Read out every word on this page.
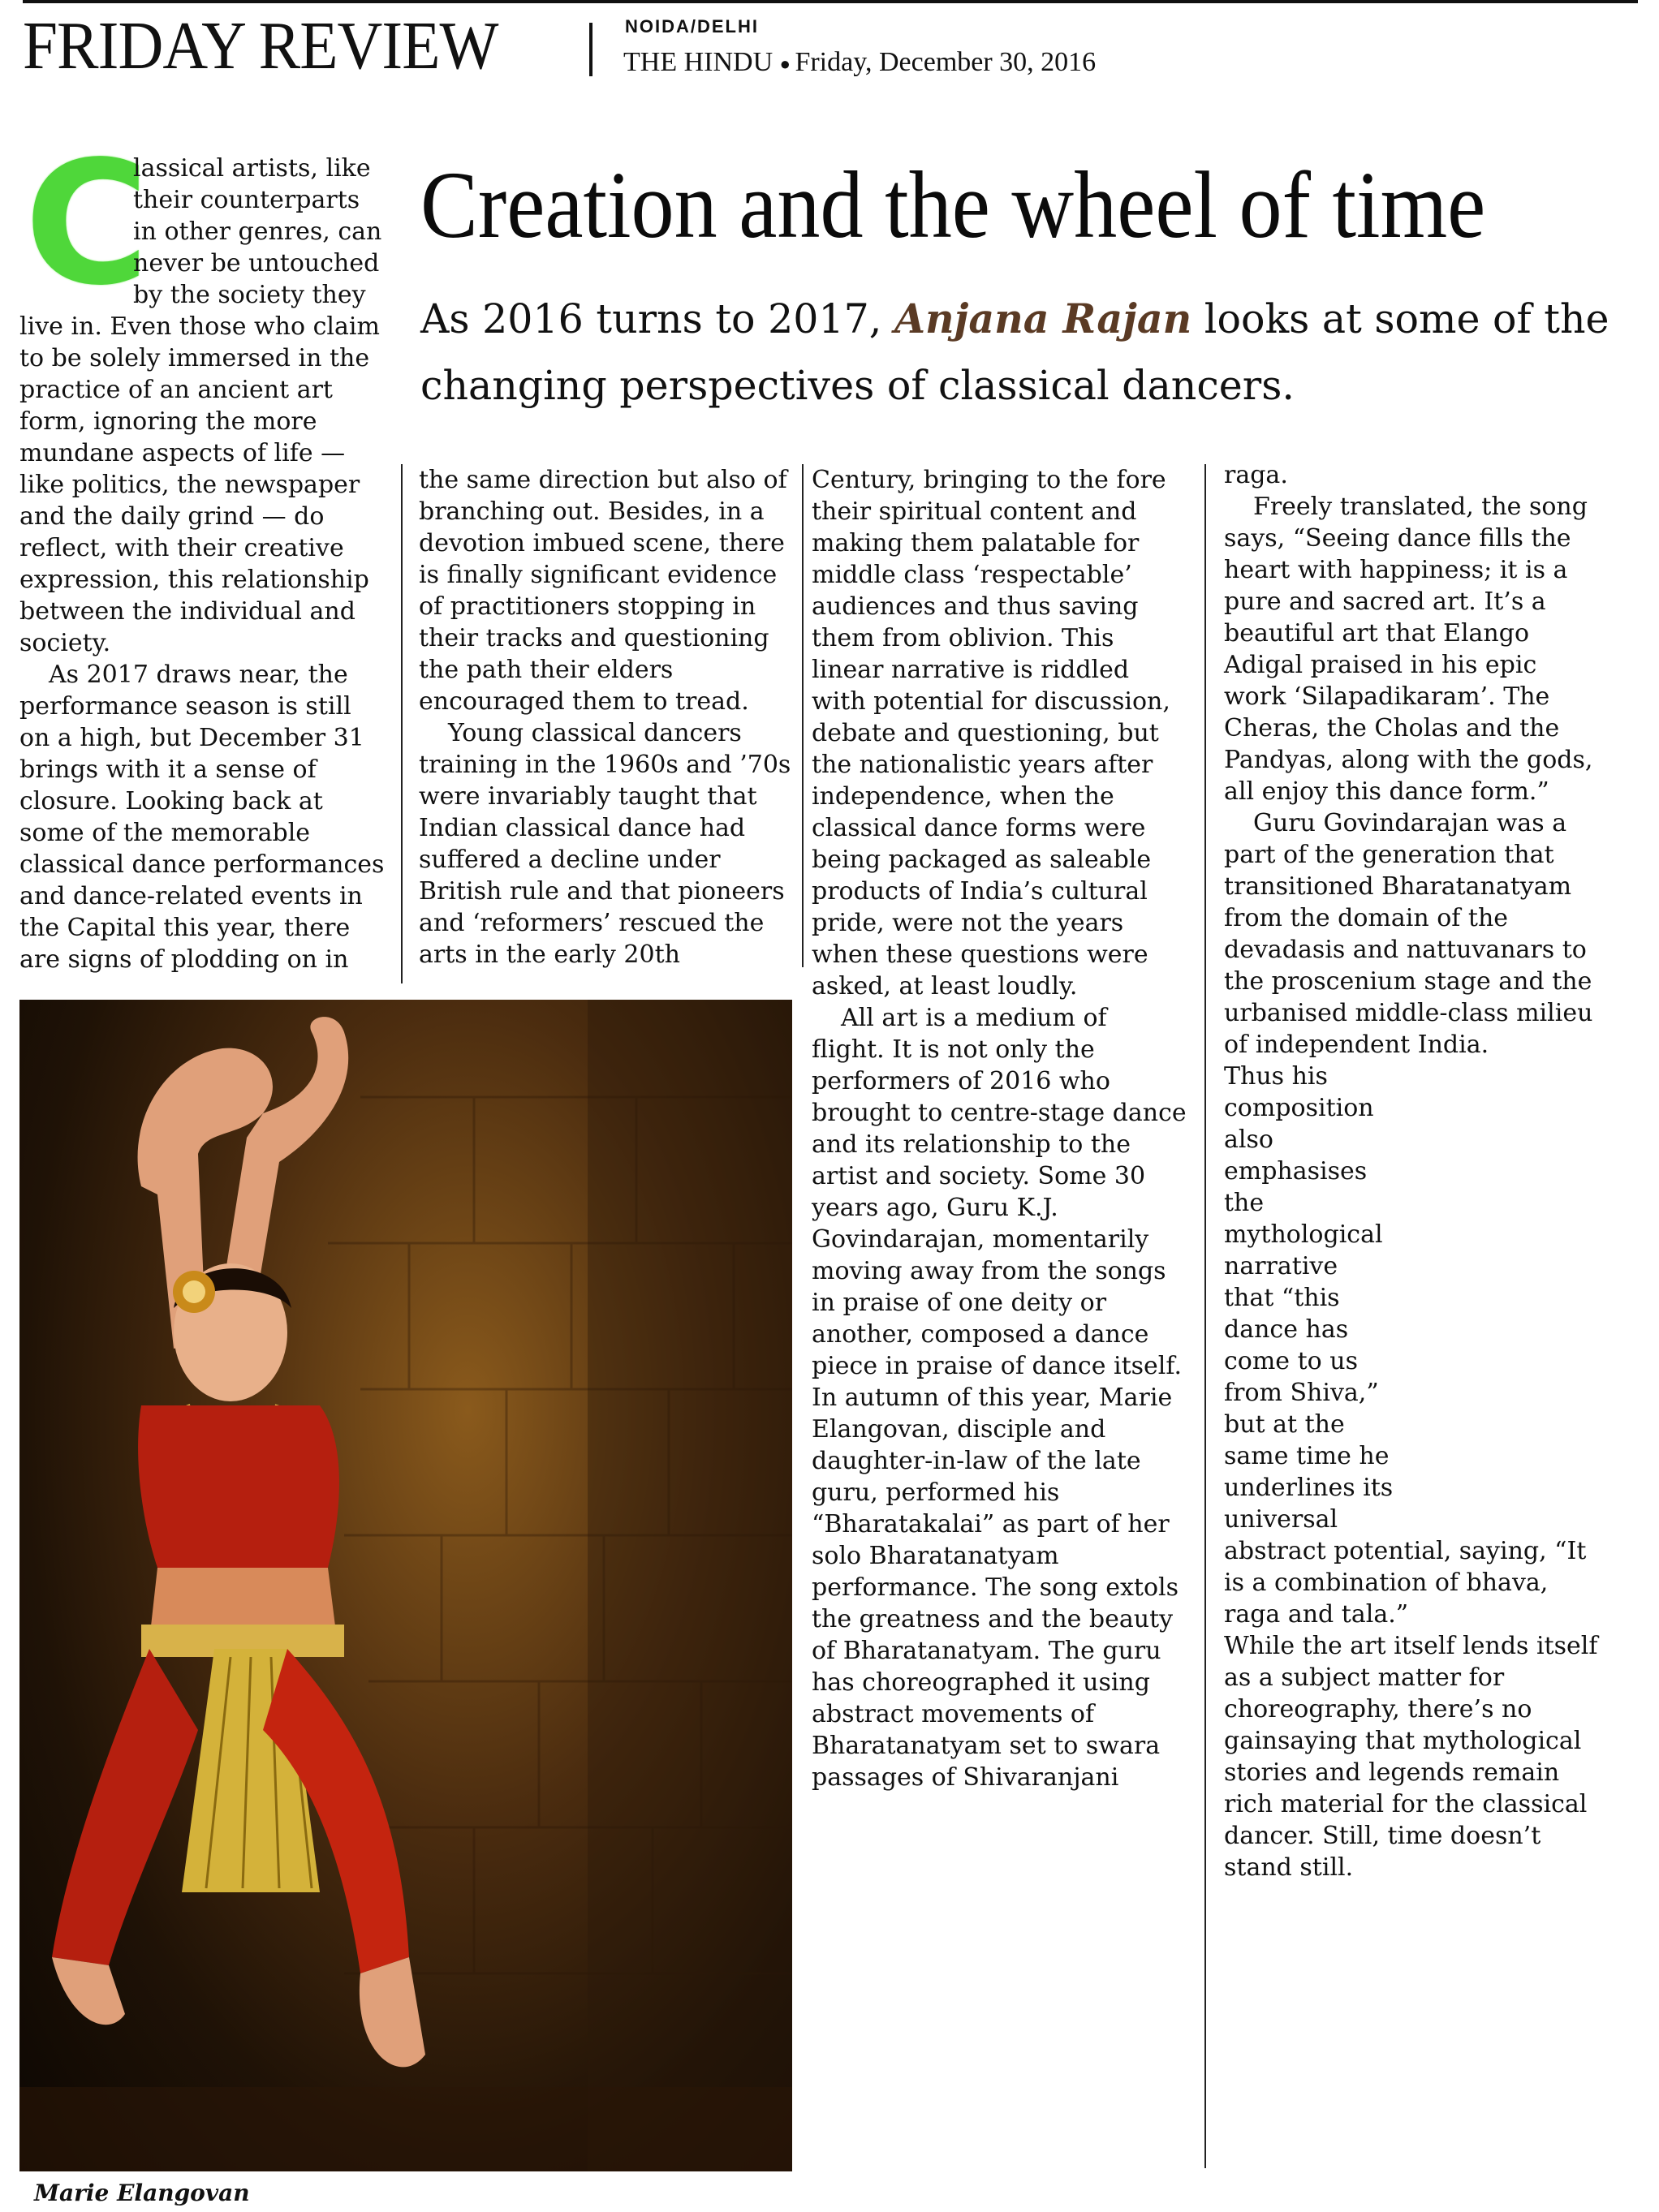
FRIDAY REVIEW	NOIDA/DELHI
THE HINDU ● Friday, December 30, 2016
Creation and the wheel of time
As 2016 turns to 2017, Anjana Rajan looks at some of the changing perspectives of classical dancers.

C
lassical artists, like their counterparts in other genres, can never be untouched by the society they live in. Even those who claim to be solely immersed in the practice of an ancient art form, ignoring the more mundane aspects of life — like politics, the newspaper and the daily grind — do reflect, with their creative expression, this relationship between the individual and society.

As 2017 draws near, the performance season is still on a high, but December 31 brings with it a sense of closure. Looking back at some of the memorable classical dance performances and dance-related events in the Capital this year, there are signs of plodding on in

the same direction but also of branching out. Besides, in a devotion imbued scene, there is finally significant evidence of practitioners stopping in their tracks and questioning the path their elders encouraged them to tread.

Young classical dancers training in the 1960s and ’70s were invariably taught that Indian classical dance had suffered a decline under British rule and that pioneers and ‘reformers’ rescued the arts in the early 20th

Century, bringing to the fore their spiritual content and making them palatable for middle class ‘respectable’ audiences and thus saving them from oblivion. This linear narrative is riddled with potential for discussion, debate and questioning, but the nationalistic years after independence, when the classical dance forms were being packaged as saleable products of India’s cultural pride, were not the years when these questions were asked, at least loudly.

All art is a medium of flight. It is not only the performers of 2016 who brought to centre-stage dance and its relationship to the artist and society. Some 30 years ago, Guru K.J. Govindarajan, momentarily moving away from the songs in praise of one deity or another, composed a dance piece in praise of dance itself. In autumn of this year, Marie Elangovan, disciple and daughter-in-law of the late guru, performed his “Bharatakalai” as part of her solo Bharatanatyam performance. The song extols the greatness and the beauty of Bharatanatyam. The guru has choreographed it using abstract movements of Bharatanatyam set to swara passages of Shivaranjani

raga.

Freely translated, the song says, “Seeing dance fills the heart with happiness; it is a pure and sacred art. It’s a beautiful art that Elango Adigal praised in his epic work ‘Silapadikaram’. The Cheras, the Cholas and the Pandyas, along with the gods, all enjoy this dance form.”

Guru Govindarajan was a part of the generation that transitioned Bharatanatyam from the domain of the devadasis and nattuvanars to the proscenium stage and the urbanised middle-class milieu of independent India.

Thus his composition also emphasises the mythological narrative that “this dance has come to us from Shiva,” but at the same time he underlines its universal
abstract potential, saying, “It is a combination of bhava, raga and tala.”

While the art itself lends itself as a subject matter for choreography, there’s no gainsaying that mythological stories and legends remain rich material for the classical dancer. Still, time doesn’t stand still.

Marie Elangovan
